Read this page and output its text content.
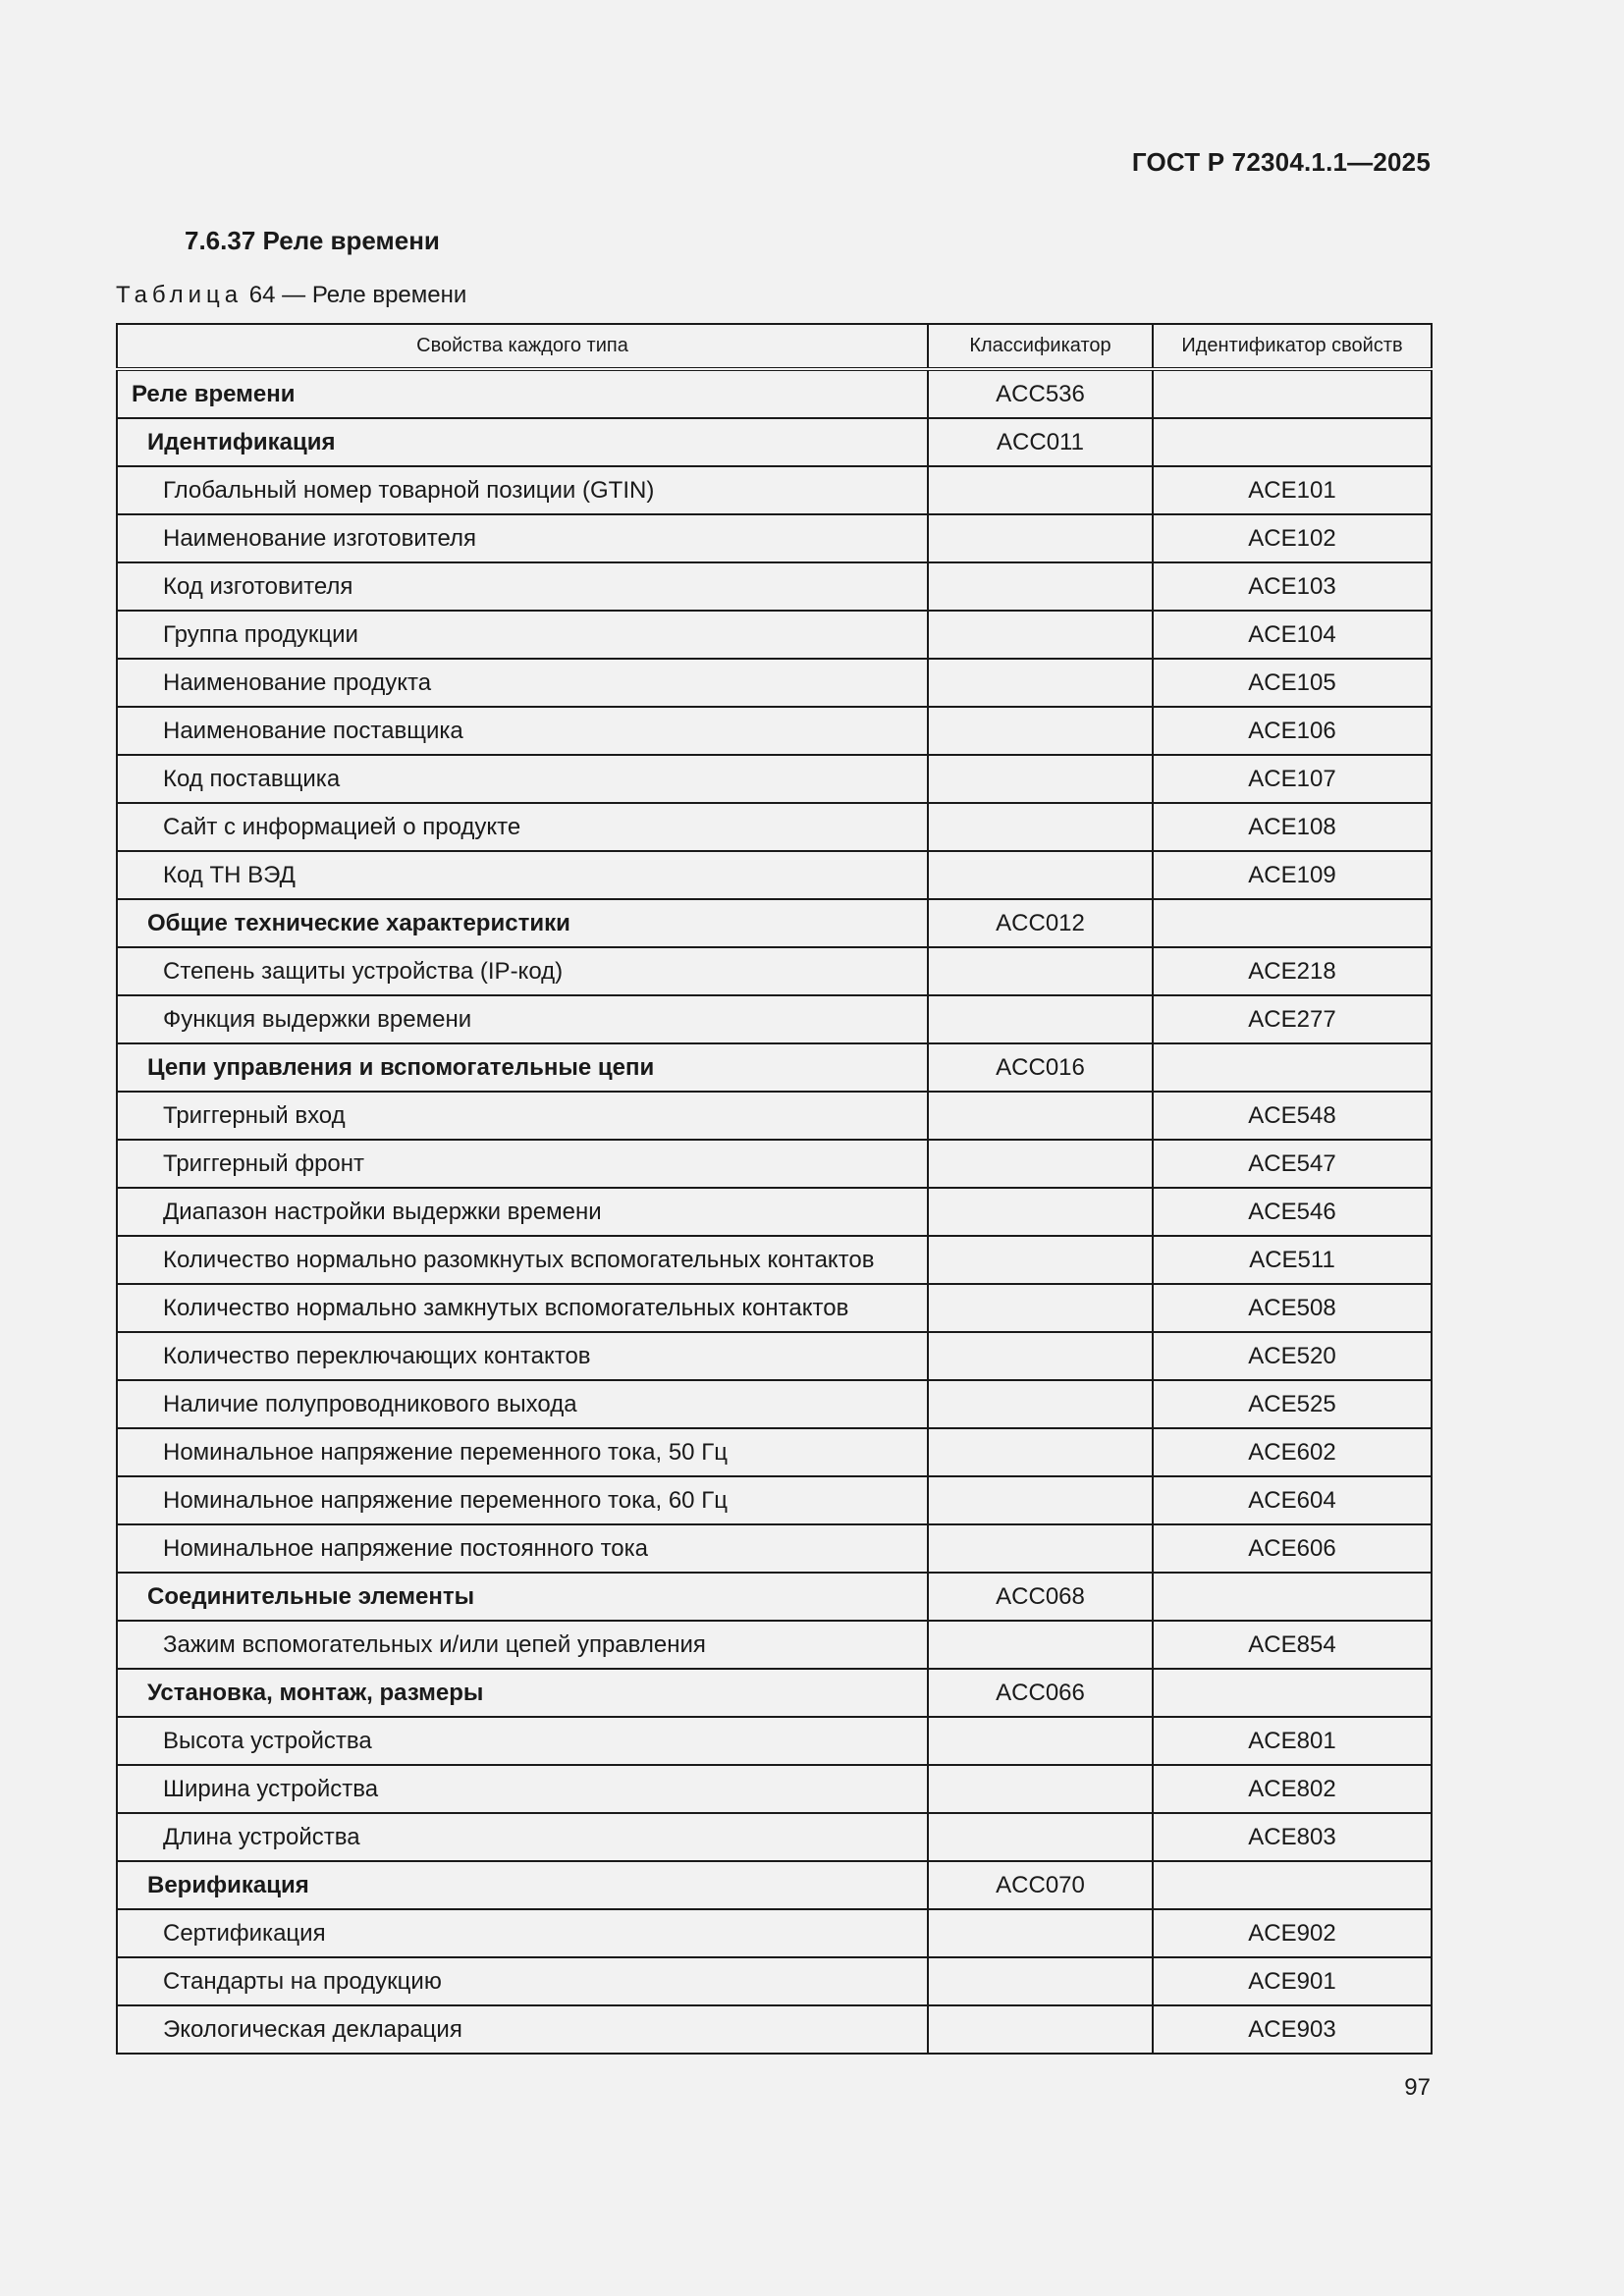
ГОСТ Р 72304.1.1—2025
7.6.37 Реле времени
Таблица 64 — Реле времени
Свойства каждого типа	Классификатор	Идентификатор свойств
Реле времени	ACC536	
Идентификация	ACC011	
Глобальный номер товарной позиции (GTIN)		ACE101
Наименование изготовителя		ACE102
Код изготовителя		ACE103
Группа продукции		ACE104
Наименование продукта		ACE105
Наименование поставщика		ACE106
Код поставщика		ACE107
Сайт с информацией о продукте		ACE108
Код ТН ВЭД		ACE109
Общие технические характеристики	ACC012	
Степень защиты устройства (IP-код)		ACE218
Функция выдержки времени		ACE277
Цепи управления и вспомогательные цепи	ACC016	
Триггерный вход		ACE548
Триггерный фронт		ACE547
Диапазон настройки выдержки времени		ACE546
Количество нормально разомкнутых вспомогательных контактов		ACE511
Количество нормально замкнутых вспомогательных контактов		ACE508
Количество переключающих контактов		ACE520
Наличие полупроводникового выхода		ACE525
Номинальное напряжение переменного тока, 50 Гц		ACE602
Номинальное напряжение переменного тока, 60 Гц		ACE604
Номинальное напряжение постоянного тока		ACE606
Соединительные элементы	ACC068	
Зажим вспомогательных и/или цепей управления		ACE854
Установка, монтаж, размеры	ACC066	
Высота устройства		ACE801
Ширина устройства		ACE802
Длина устройства		ACE803
Верификация	ACC070	
Сертификация		ACE902
Стандарты на продукцию		ACE901
Экологическая декларация		ACE903
97
